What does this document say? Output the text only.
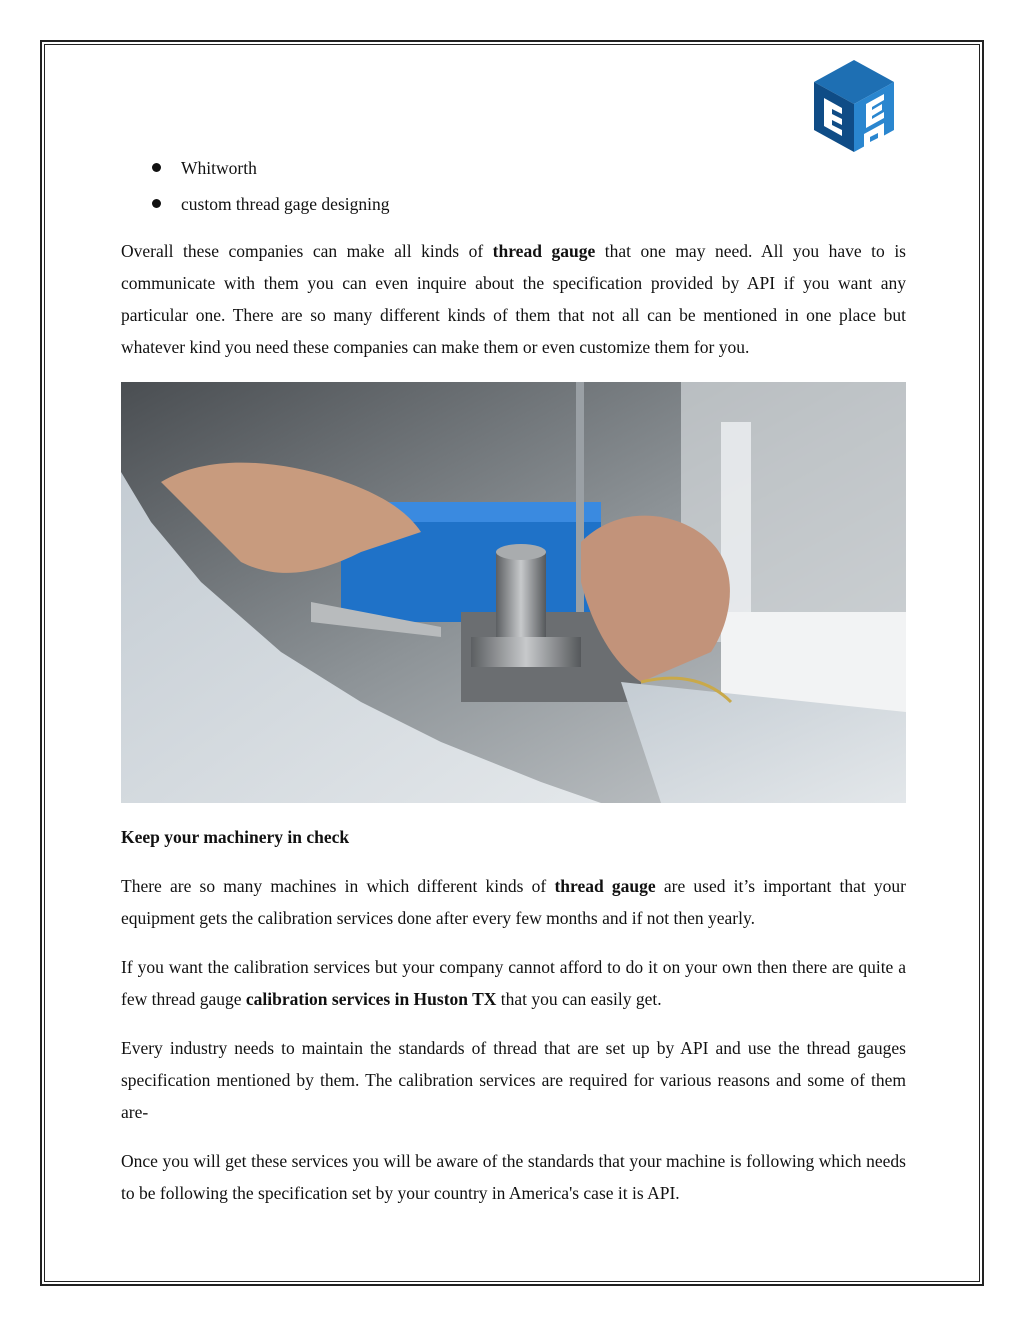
Whitworth
custom thread gage designing

Overall these companies can make all kinds of thread gauge that one may need. All you have to is communicate with them you can even inquire about the specification provided by API if you want any particular one. There are so many different kinds of them that not all can be mentioned in one place but whatever kind you need these companies can make them or even customize them for you.

Keep your machinery in check

There are so many machines in which different kinds of thread gauge are used it’s important that your equipment gets the calibration services done after every few months and if not then yearly.

If you want the calibration services but your company cannot afford to do it on your own then there are quite a few thread gauge calibration services in Huston TX that you can easily get.

Every industry needs to maintain the standards of thread that are set up by API and use the thread gauges specification mentioned by them. The calibration services are required for various reasons and some of them are-

Once you will get these services you will be aware of the standards that your machine is following which needs to be following the specification set by your country in America's case it is API.
